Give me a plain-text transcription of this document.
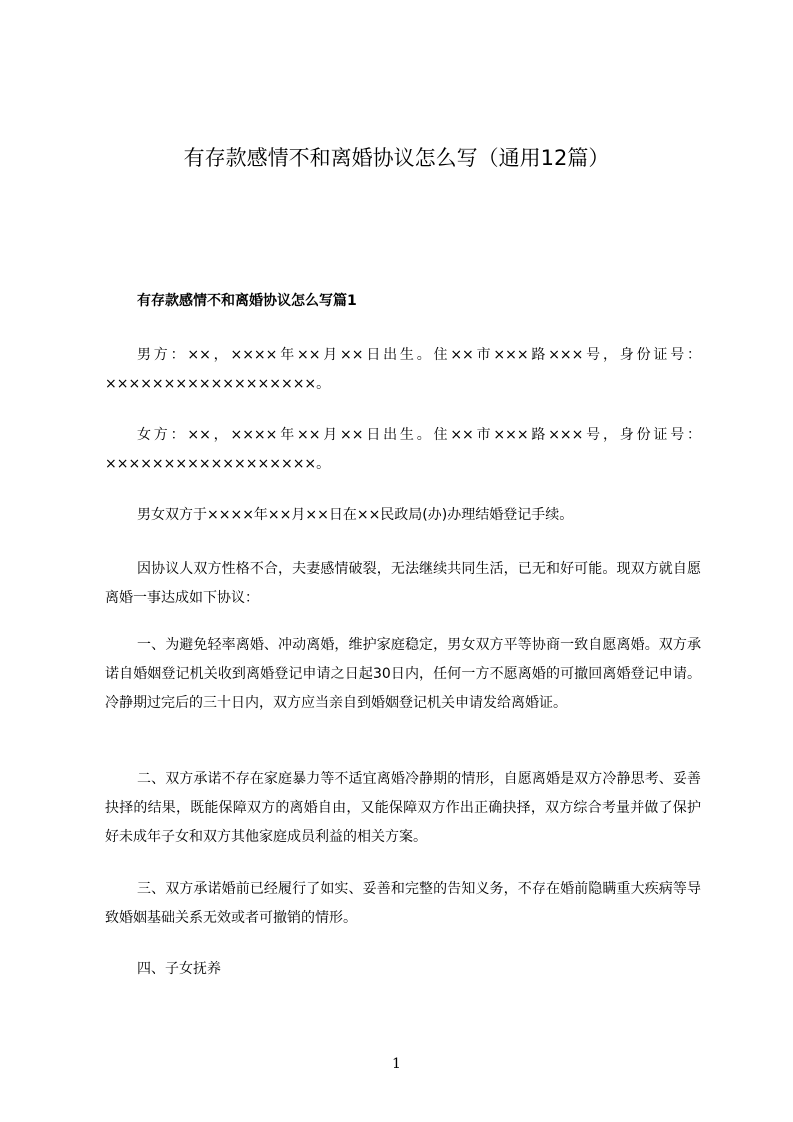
有存款感情不和离婚协议怎么写（通用12篇）
有存款感情不和离婚协议怎么写篇1

男方：××，××××年××月××日出生。住××市×××路×××号，身份证号：××××××××××××××××××。

女方：××，××××年××月××日出生。住××市×××路×××号，身份证号：××××××××××××××××××。

男女双方于××××年××月××日在××民政局(办)办理结婚登记手续。

因协议人双方性格不合，夫妻感情破裂，无法继续共同生活，已无和好可能。现双方就自愿离婚一事达成如下协议：

一、为避免轻率离婚、冲动离婚，维护家庭稳定，男女双方平等协商一致自愿离婚。双方承诺自婚姻登记机关收到离婚登记申请之日起30日内，任何一方不愿离婚的可撤回离婚登记申请。冷静期过完后的三十日内，双方应当亲自到婚姻登记机关申请发给离婚证。

二、双方承诺不存在家庭暴力等不适宜离婚冷静期的情形，自愿离婚是双方冷静思考、妥善抉择的结果，既能保障双方的离婚自由，又能保障双方作出正确抉择，双方综合考量并做了保护好未成年子女和双方其他家庭成员利益的相关方案。

三、双方承诺婚前已经履行了如实、妥善和完整的告知义务，不存在婚前隐瞒重大疾病等导致婚姻基础关系无效或者可撤销的情形。

四、子女抚养

1
